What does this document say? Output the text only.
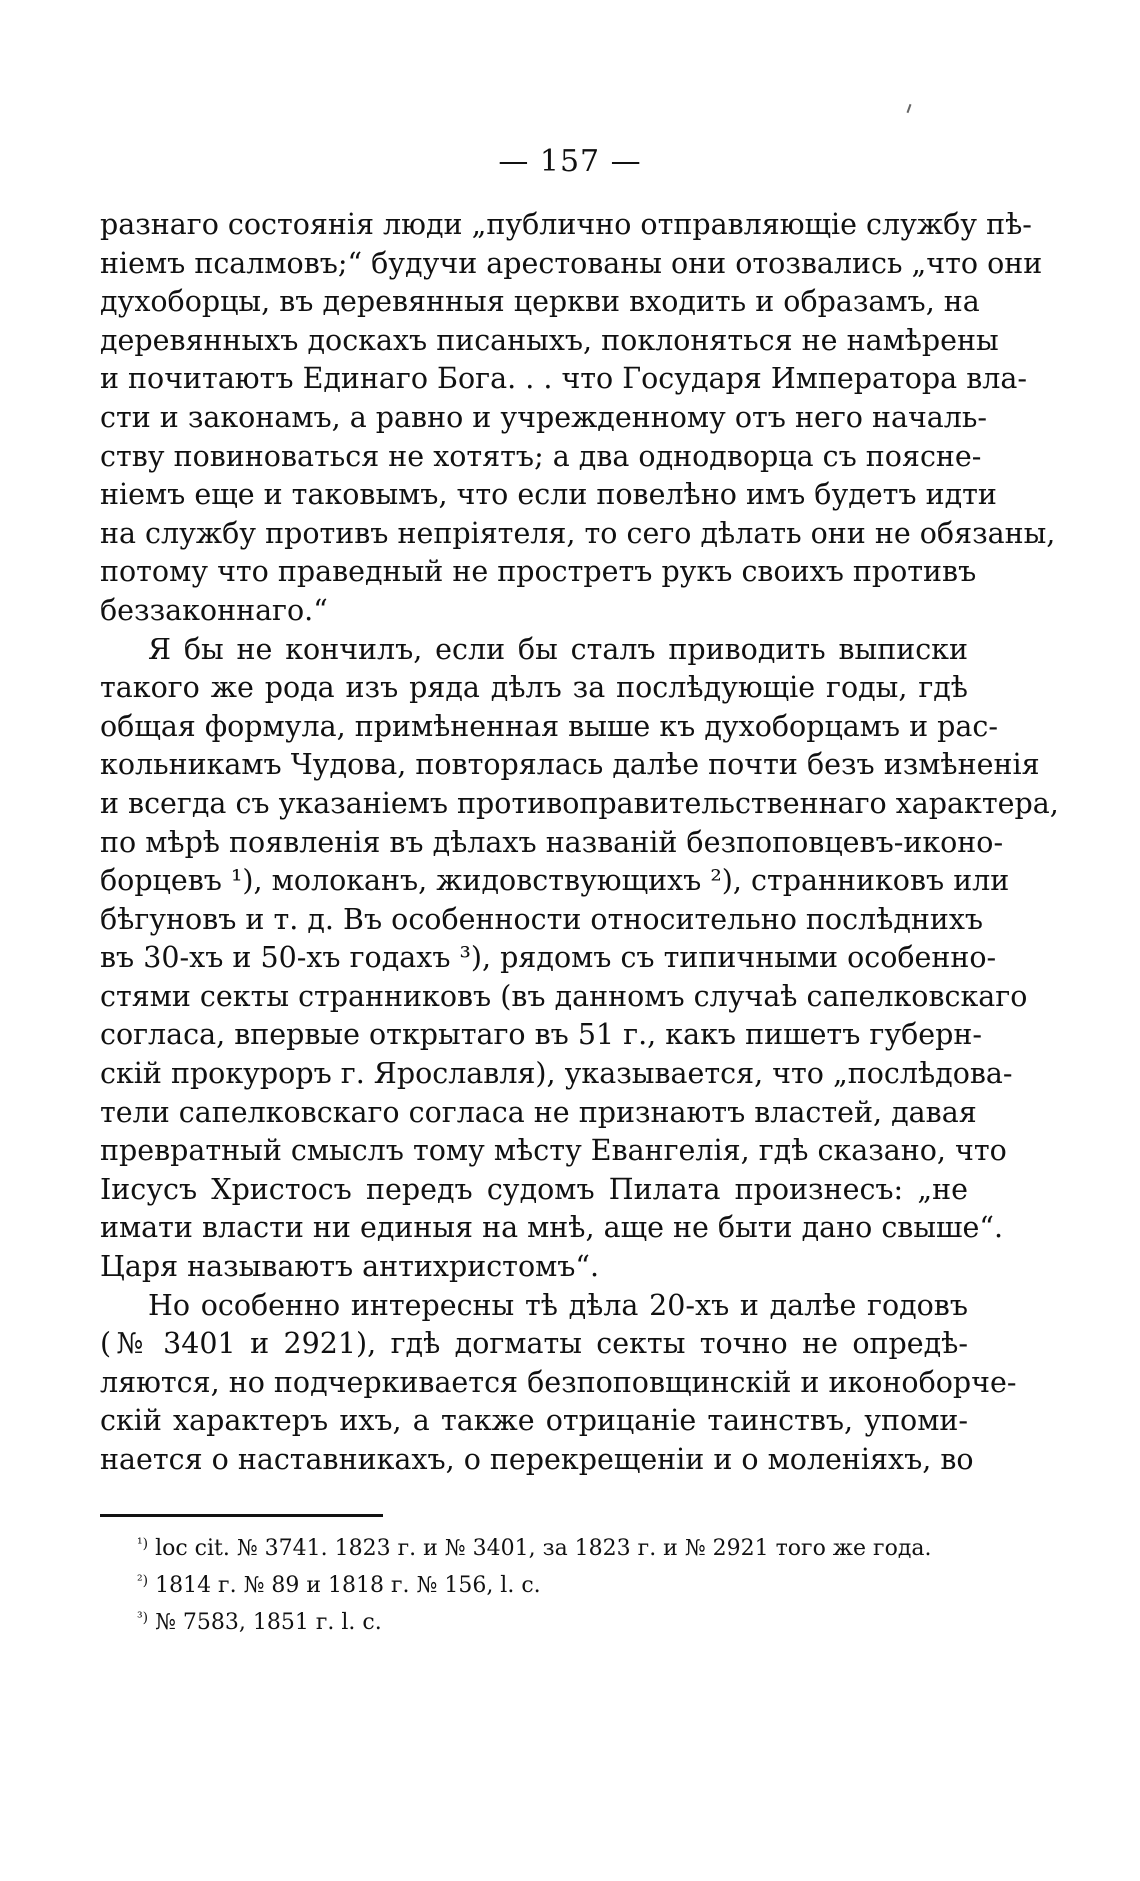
— 157 —
разнаго состоянія люди „публично отправляющіе службу пѣ-
ніемъ псалмовъ;“ будучи арестованы они отозвались „что они
духоборцы, въ деревянныя церкви входить и образамъ, на
деревянныхъ доскахъ писаныхъ, поклоняться не намѣрены
и почитаютъ Единаго Бога. . . что Государя Императора вла-
сти и законамъ, а равно и учрежденному отъ него началь-
ству повиноваться не хотятъ; а два однодворца съ поясне-
ніемъ еще и таковымъ, что если повелѣно имъ будетъ идти
на службу противъ непріятеля, то сего дѣлать они не обязаны,
потому что праведный не простретъ рукъ своихъ противъ
беззаконнаго.“
Я бы не кончилъ, если бы сталъ приводить выписки
такого же рода изъ ряда дѣлъ за послѣдующіе годы, гдѣ
общая формула, примѣненная выше къ духоборцамъ и рас-
кольникамъ Чудова, повторялась далѣе почти безъ измѣненія
и всегда съ указаніемъ противоправительственнаго характера,
по мѣрѣ появленія въ дѣлахъ названій безпоповцевъ-иконо-
борцевъ ¹), молоканъ, жидовствующихъ ²), странниковъ или
бѣгуновъ и т. д. Въ особенности относительно послѣднихъ
въ 30-хъ и 50-хъ годахъ ³), рядомъ съ типичными особенно-
стями секты странниковъ (въ данномъ случаѣ сапелковскаго
согласа, впервые открытаго въ 51 г., какъ пишетъ губерн-
скій прокуроръ г. Ярославля), указывается, что „послѣдова-
тели сапелковскаго согласа не признаютъ властей, давая
превратный смыслъ тому мѣсту Евангелія, гдѣ сказано, что
Іисусъ Христосъ передъ судомъ Пилата произнесъ: „не
имати власти ни единыя на мнѣ, аще не быти дано свыше“.
Царя называютъ антихристомъ“.
Но особенно интересны тѣ дѣла 20-хъ и далѣе годовъ
(№ 3401 и 2921), гдѣ догматы секты точно не опредѣ-
ляются, но подчеркивается безпоповщинскій и иконоборче-
скій характеръ ихъ, а также отрицаніе таинствъ, упоми-
нается о наставникахъ, о перекрещеніи и о моленіяхъ, во
$^{^1)}$ loc cit. № 3741. 1823 г. и № 3401, за 1823 г. и № 2921 того же года.
$^{^2)}$ 1814 г. № 89 и 1818 г. № 156, l. c.
$^{^3)}$ № 7583, 1851 г. l. c.
